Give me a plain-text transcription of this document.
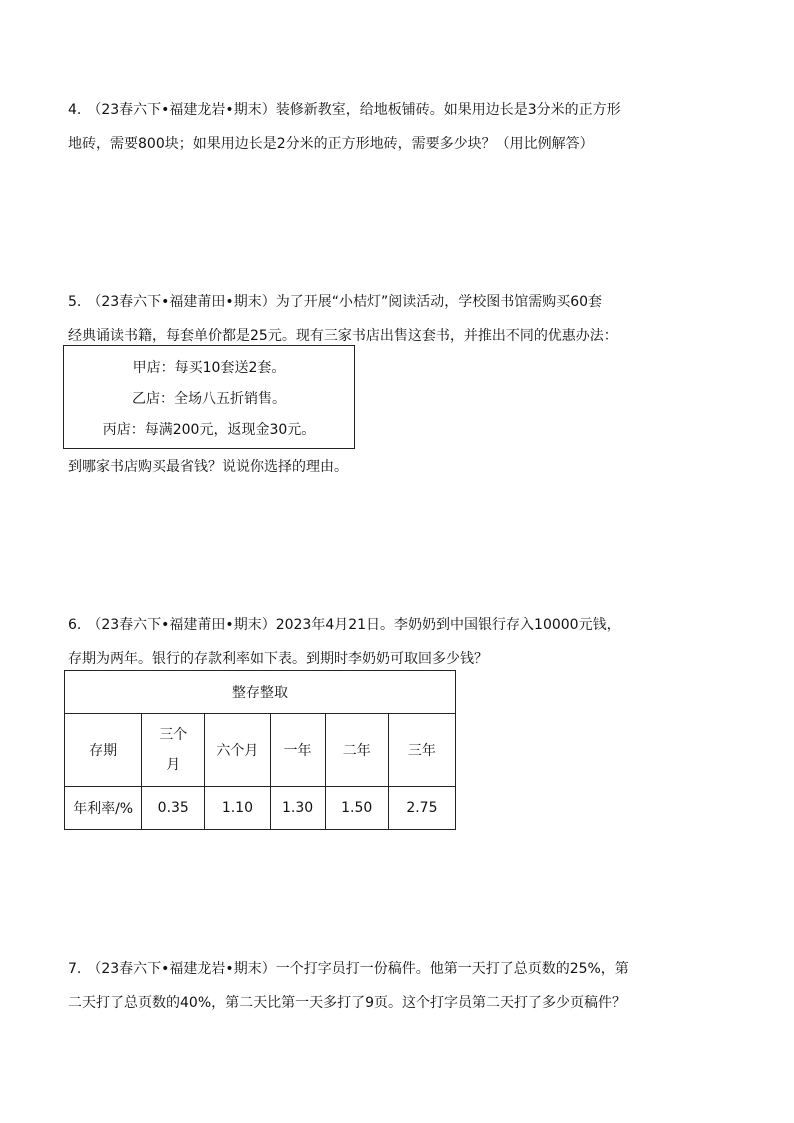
4. （23春六下•福建龙岩•期末）装修新教室，给地板铺砖。如果用边长是3分米的正方形
地砖，需要800块；如果用边长是2分米的正方形地砖，需要多少块？（用比例解答）
5. （23春六下•福建莆田•期末）为了开展“小桔灯”阅读活动，学校图书馆需购买60套
经典诵读书籍，每套单价都是25元。现有三家书店出售这套书，并推出不同的优惠办法：
甲店：每买10套送2套。
乙店：全场八五折销售。
丙店：每满200元，返现金30元。
到哪家书店购买最省钱？说说你选择的理由。
6. （23春六下•福建莆田•期末）2023年4月21日。李奶奶到中国银行存入10000元钱，
存期为两年。银行的存款利率如下表。到期时李奶奶可取回多少钱？
整存整取					
存期	三个月	六个月	一年	二年	三年
年利率/%	0.35	1.10	1.30	1.50	2.75
7. （23春六下•福建龙岩•期末）一个打字员打一份稿件。他第一天打了总页数的25%，第
二天打了总页数的40%，第二天比第一天多打了9页。这个打字员第二天打了多少页稿件？
